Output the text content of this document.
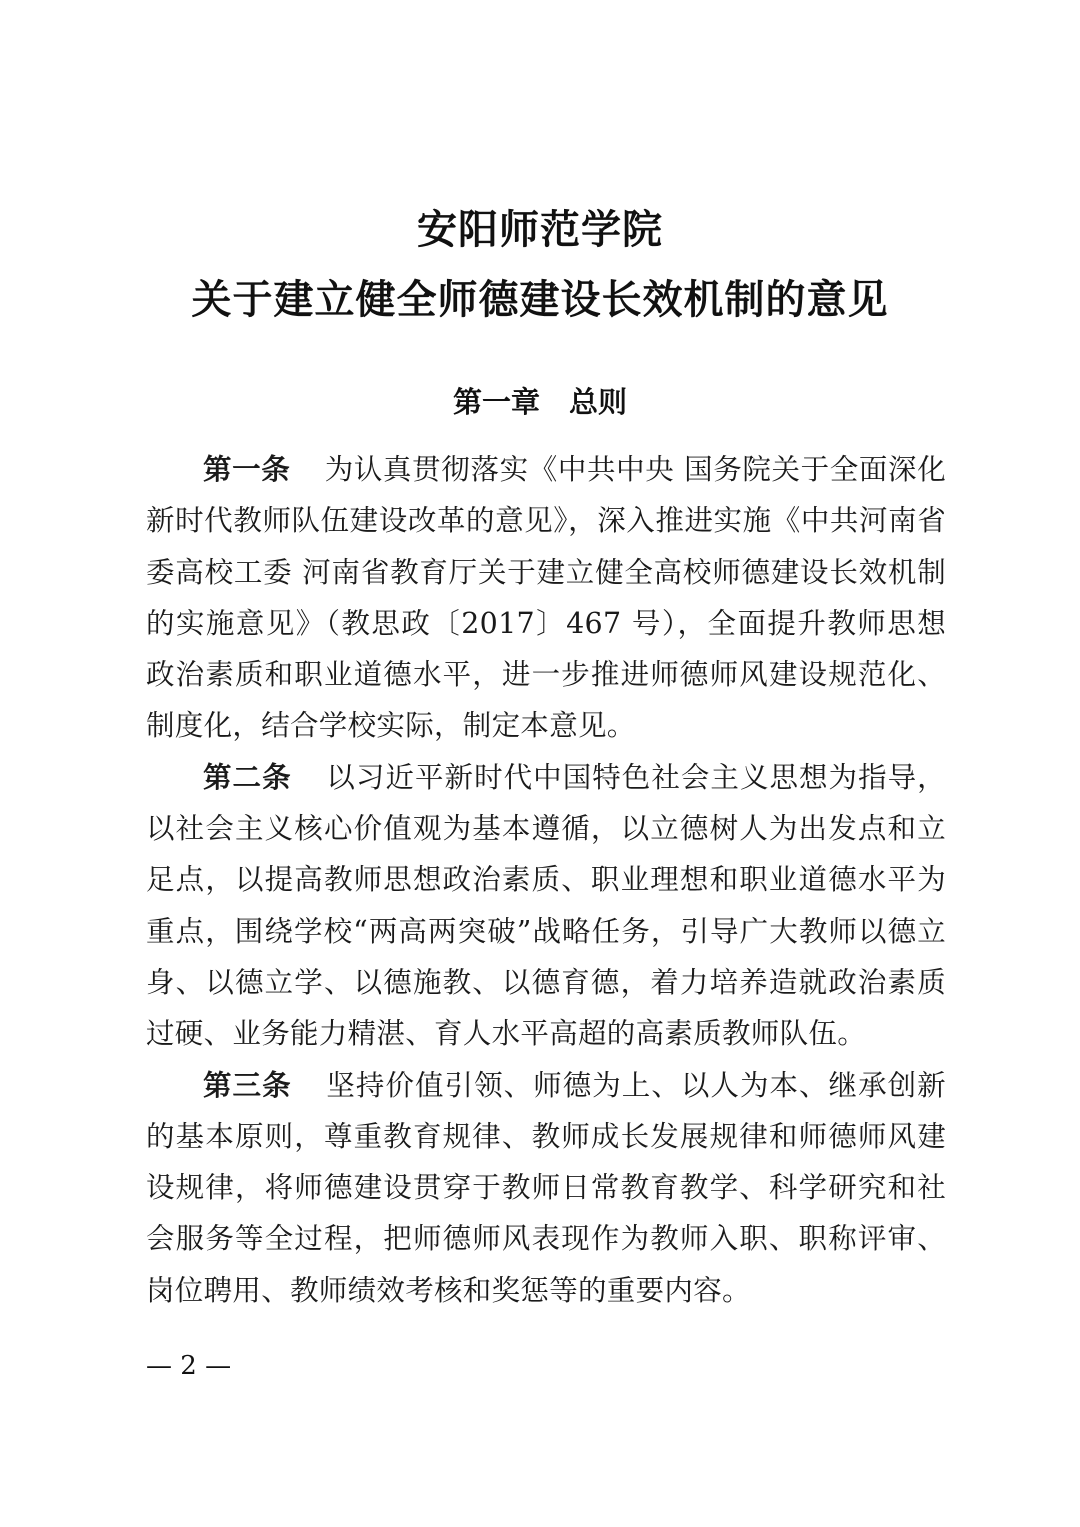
安阳师范学院
关于建立健全师德建设长效机制的意见
第一章　总则

第一条 为认真贯彻落实《中共中央 国务院关于全面深化新时代教师队伍建设改革的意见》，深入推进实施《中共河南省委高校工委 河南省教育厅关于建立健全高校师德建设长效机制的实施意见》（教思政〔2017〕467 号），全面提升教师思想政治素质和职业道德水平，进一步推进师德师风建设规范化、制度化，结合学校实际，制定本意见。

第二条 以习近平新时代中国特色社会主义思想为指导，以社会主义核心价值观为基本遵循，以立德树人为出发点和立足点，以提高教师思想政治素质、职业理想和职业道德水平为重点，围绕学校“两高两突破”战略任务，引导广大教师以德立身、以德立学、以德施教、以德育德，着力培养造就政治素质过硬、业务能力精湛、育人水平高超的高素质教师队伍。

第三条 坚持价值引领、师德为上、以人为本、继承创新的基本原则，尊重教育规律、教师成长发展规律和师德师风建设规律，将师德建设贯穿于教师日常教育教学、科学研究和社会服务等全过程，把师德师风表现作为教师入职、职称评审、岗位聘用、教师绩效考核和奖惩等的重要内容。

— 2 —
